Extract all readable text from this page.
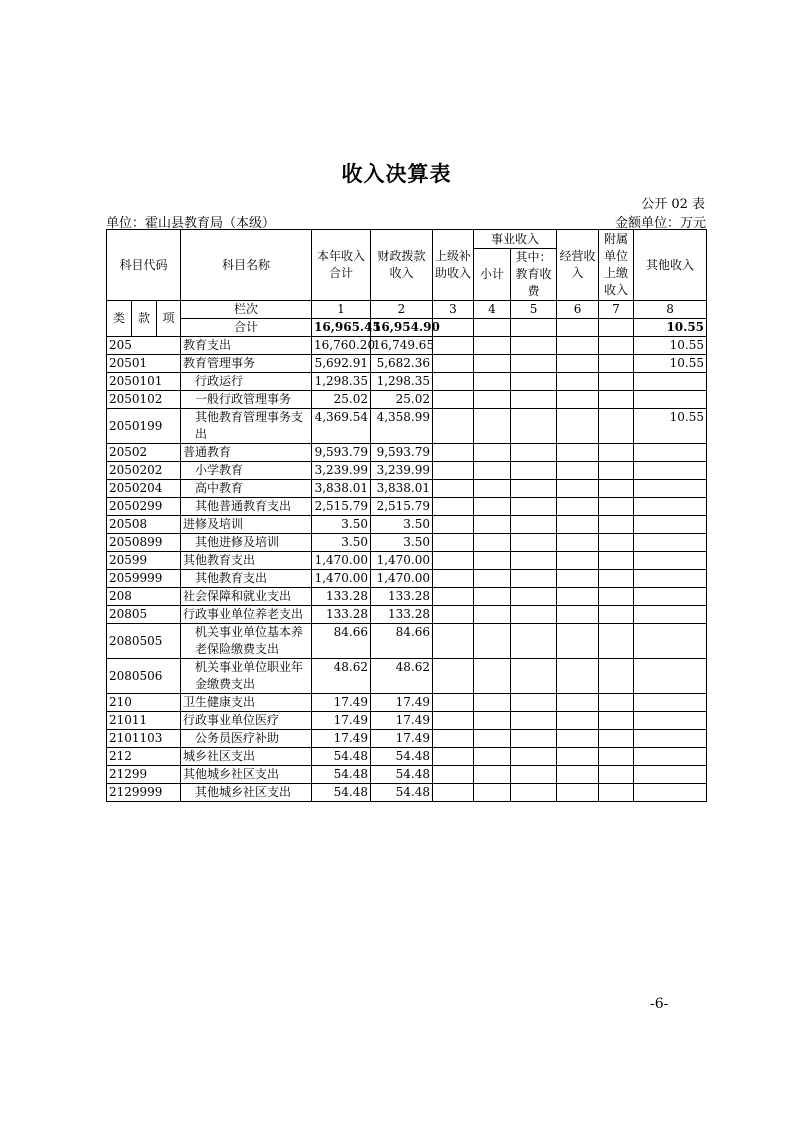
收入决算表
公开 02 表
单位：霍山县教育局（本级）	金额单位：万元
科目代码			科目名称	本年收入合计	财政拨款收入	上级补助收入	事业收入		经营收入	附属单位上缴收入	其他收入
							小计	其中：教育收费			

类	款	项	栏次	1	2	3	4	5	6	7	8
			合计	16,965.45	16,954.90						10.55
205			教育支出	16,760.20	16,749.65						10.55
20501			教育管理事务	5,692.91	5,682.36						10.55
2050101			行政运行	1,298.35	1,298.35						
2050102			一般行政管理事务	25.02	25.02						
2050199			其他教育管理事务支出	4,369.54	4,358.99						10.55
20502			普通教育	9,593.79	9,593.79						
2050202			小学教育	3,239.99	3,239.99						
2050204			高中教育	3,838.01	3,838.01						
2050299			其他普通教育支出	2,515.79	2,515.79						
20508			进修及培训	3.50	3.50						
2050899			其他进修及培训	3.50	3.50						
20599			其他教育支出	1,470.00	1,470.00						
2059999			其他教育支出	1,470.00	1,470.00						
208			社会保障和就业支出	133.28	133.28						
20805			行政事业单位养老支出	133.28	133.28						
2080505			机关事业单位基本养老保险缴费支出	84.66	84.66						
2080506			机关事业单位职业年金缴费支出	48.62	48.62						
210			卫生健康支出	17.49	17.49						
21011			行政事业单位医疗	17.49	17.49						
2101103			公务员医疗补助	17.49	17.49						
212			城乡社区支出	54.48	54.48						
21299			其他城乡社区支出	54.48	54.48						
2129999			其他城乡社区支出	54.48	54.48						
-6-
